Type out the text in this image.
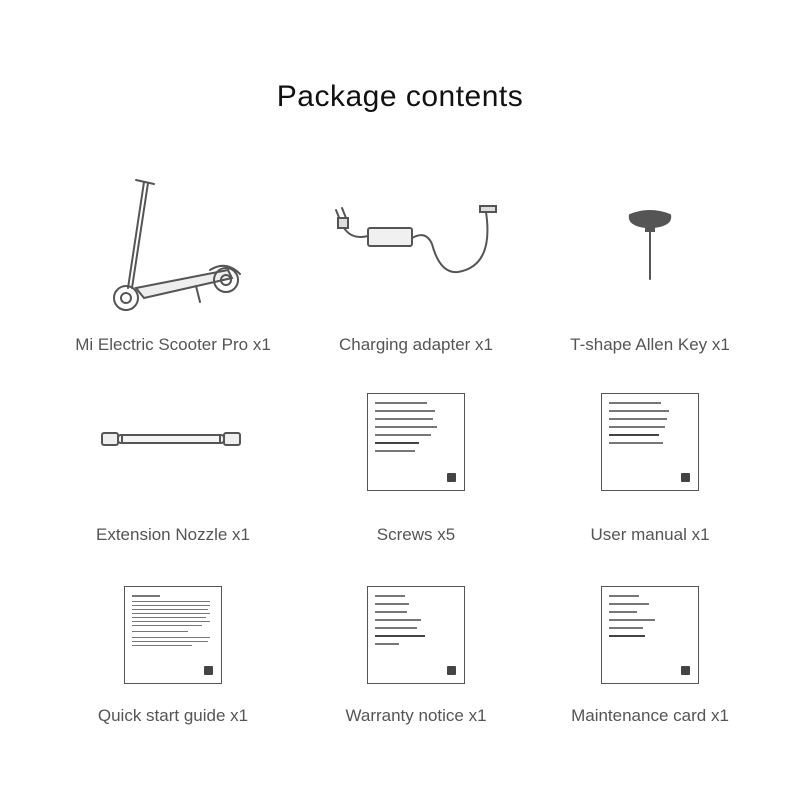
Package contents
Mi Electric Scooter Pro x1	Charging adapter x1	T-shape Allen Key x1
Extension Nozzle x1	Screws x5	User manual x1
Quick start guide x1	Warranty notice x1	Maintenance card x1
